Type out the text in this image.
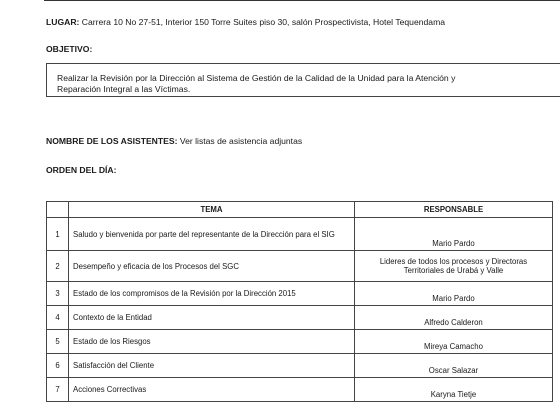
LUGAR: Carrera 10 No 27-51, Interior 150 Torre Suites piso 30, salón Prospectivista, Hotel Tequendama
OBJETIVO:
Realizar la Revisión por la Dirección al Sistema de Gestión de la Calidad de la Unidad para la Atención y
Reparación Integral a las Víctimas.
NOMBRE DE LOS ASISTENTES: Ver listas de asistencia adjuntas
ORDEN DEL DÍA:
	TEMA	RESPONSABLE
1	Saludo y bienvenida por parte del representante de la Dirección para el SIG	Mario Pardo
2	Desempeño y eficacia de los Procesos del SGC	Lideres de todos los procesos y Directoras Territoriales de Urabá y Valle
3	Estado de los compromisos de la Revisión por la Dirección 2015	Mario Pardo
4	Contexto de la Entidad	Alfredo Calderon
5	Estado de los Riesgos	Mireya Camacho
6	Satisfacción del Cliente	Oscar Salazar
7	Acciones Correctivas	Karyna Tietje
